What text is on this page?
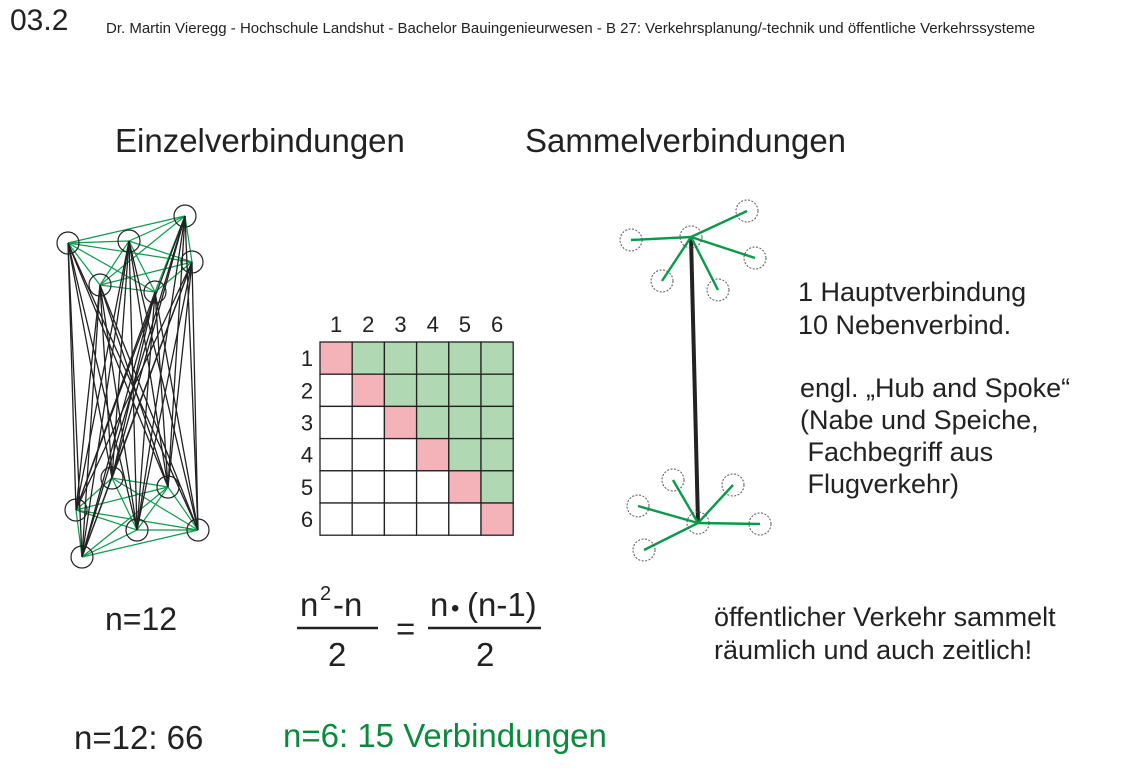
03.2	Dr. Martin Vieregg - Hochschule Landshut - Bachelor Bauingenieurwesen - B 27: Verkehrsplanung/-technik und öffentliche Verkehrssysteme
Einzelverbindungen	Sammelverbindungen
1 2 3 4 5 6
1
2
3
4
5
6
n 2 -n
2
=
n • (n-1)
2
1 Hauptverbindung
10 Nebenverbind.
engl. „Hub and Spoke“
(Nabe und Speiche,
Fachbegriff aus
Flugverkehr)
n=12	öffentlicher Verkehr sammelt
räumlich und auch zeitlich!
n=12: 66 n=6: 15 Verbindungen
